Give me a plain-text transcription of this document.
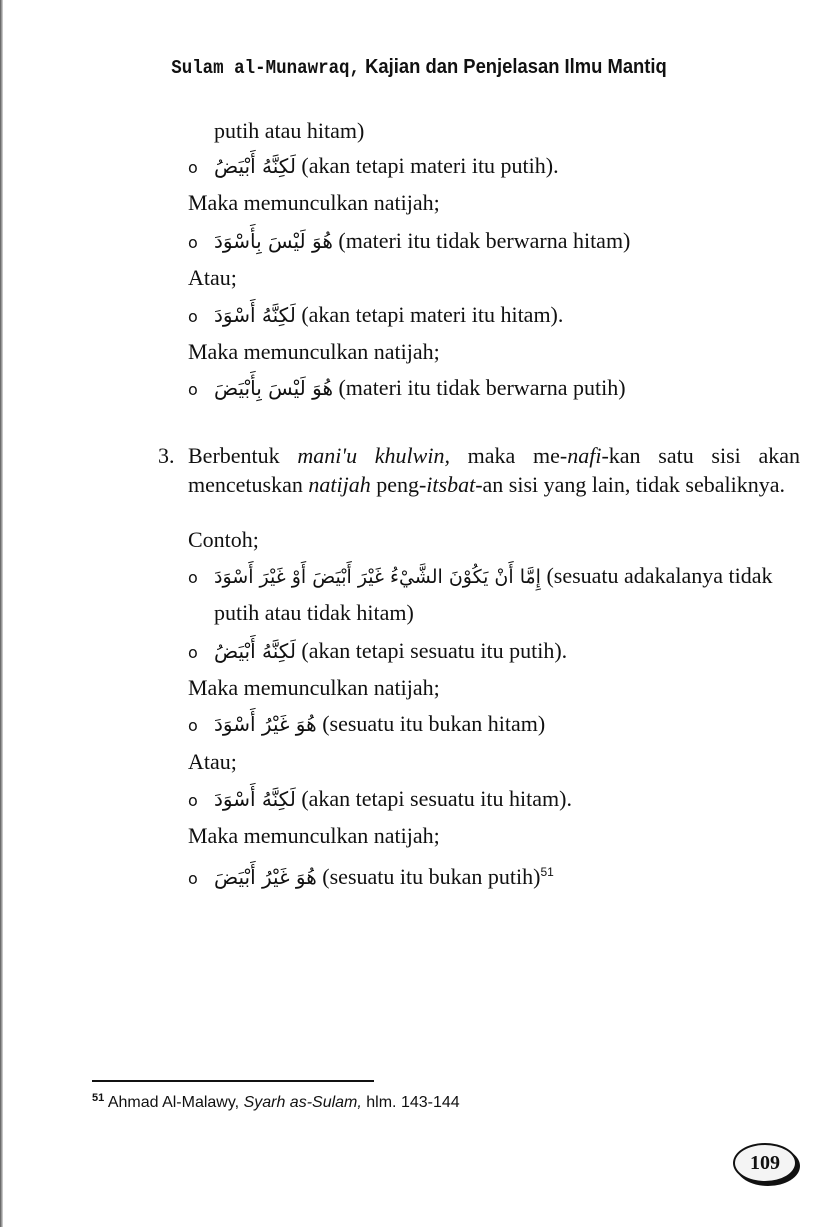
Sulam al-Munawraq, Kajian dan Penjelasan Ilmu Mantiq
putih atau hitam)
o لَكِنَّهُ أَبْيَضُ (akan tetapi materi itu putih).
Maka memunculkan natijah;
o هُوَ لَيْسَ بِأَسْوَدَ (materi itu tidak berwarna hitam)
Atau;
o لَكِنَّهُ أَسْوَدَ (akan tetapi materi itu hitam).
Maka memunculkan natijah;
o هُوَ لَيْسَ بِأَبْيَضَ (materi itu tidak berwarna putih)
3. Berbentuk mani'u khulwin, maka me-nafi-kan satu sisi akan mencetuskan natijah peng-itsbat-an sisi yang lain, tidak sebaliknya.
Contoh;
o إِمَّا أَنْ يَكُوْنَ الشَّيْءُ غَيْرَ أَبْيَضَ أَوْ غَيْرَ أَسْوَدَ (sesuatu adakalanya tidak
putih atau tidak hitam)
o لَكِنَّهُ أَبْيَضُ (akan tetapi sesuatu itu putih).
Maka memunculkan natijah;
o هُوَ غَيْرُ أَسْوَدَ (sesuatu itu bukan hitam)
Atau;
o لَكِنَّهُ أَسْوَدَ (akan tetapi sesuatu itu hitam).
Maka memunculkan natijah;
o هُوَ غَيْرُ أَبْيَضَ (sesuatu itu bukan putih)$^{51}$
$^{51}$ Ahmad Al-Malawy, Syarh as-Sulam, hlm. 143-144
109
